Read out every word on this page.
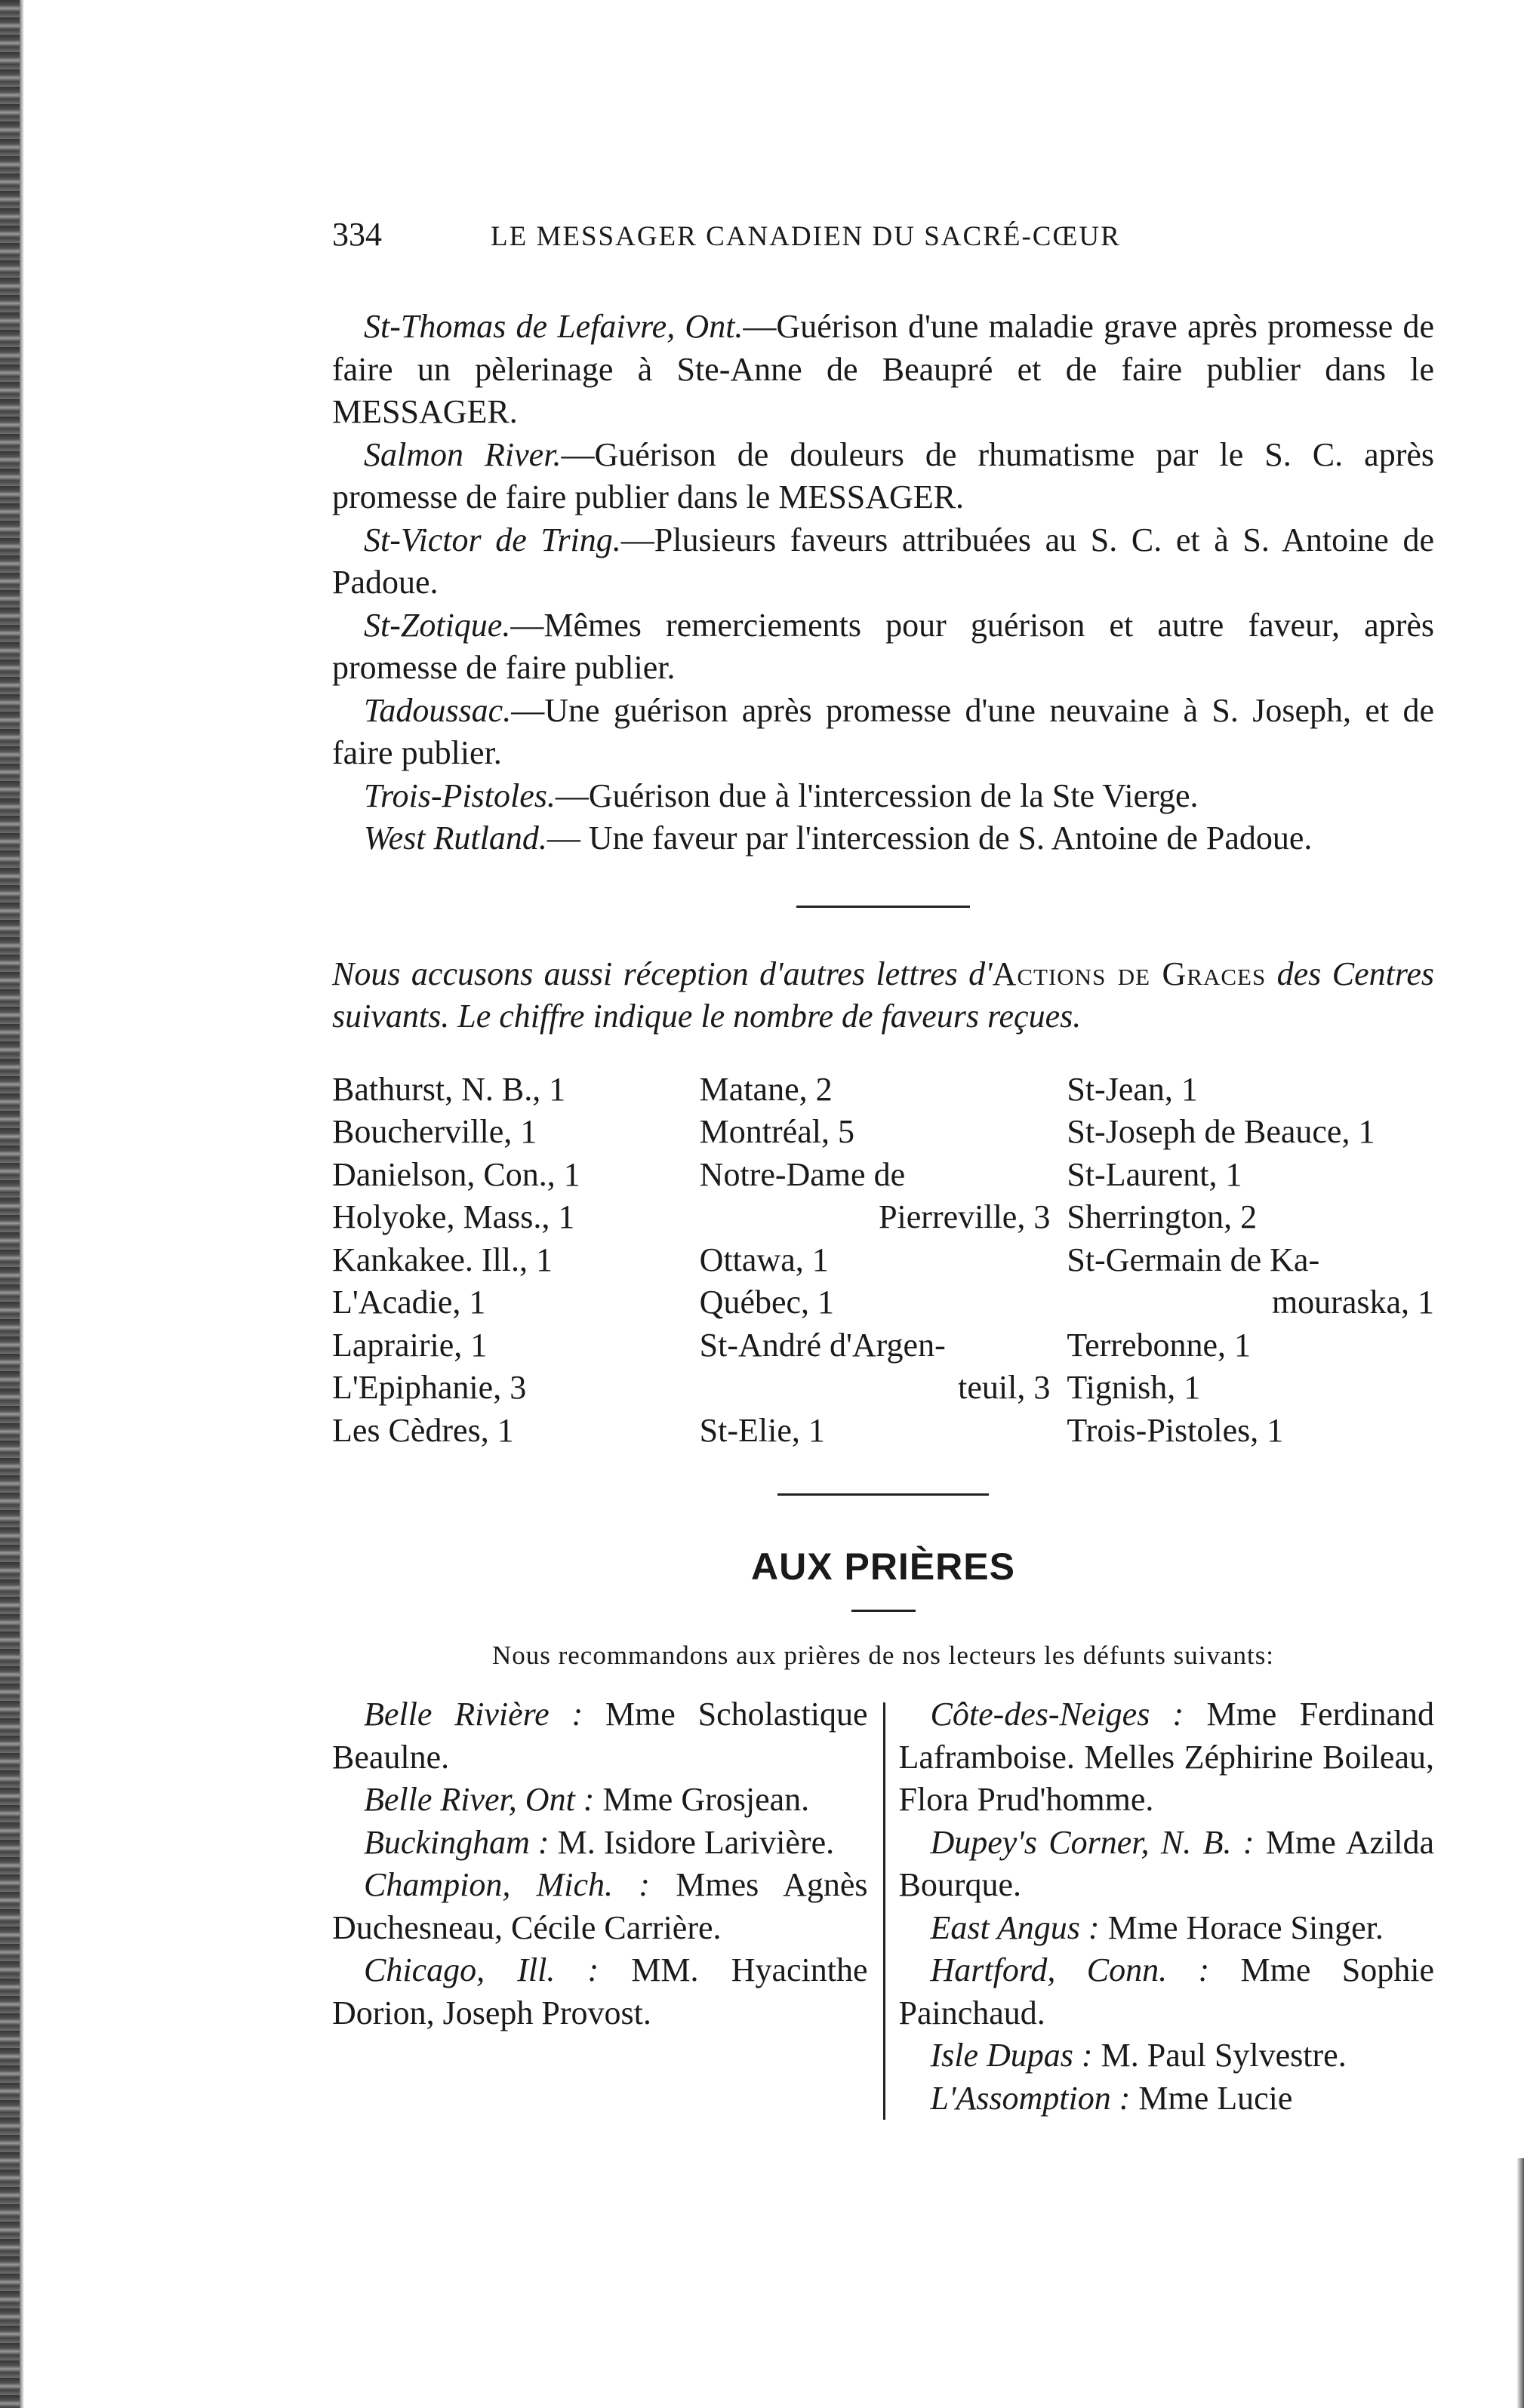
334	LE MESSAGER CANADIEN DU SACRÉ-CŒUR

St-Thomas de Lefaivre, Ont.—Guérison d'une maladie grave après promesse de faire un pèlerinage à Ste-Anne de Beaupré et de faire publier dans le MESSAGER.

Salmon River.—Guérison de douleurs de rhumatisme par le S. C. après promesse de faire publier dans le MESSAGER.

St-Victor de Tring.—Plusieurs faveurs attribuées au S. C. et à S. Antoine de Padoue.

St-Zotique.—Mêmes remerciements pour guérison et autre faveur, après promesse de faire publier.

Tadoussac.—Une guérison après promesse d'une neuvaine à S. Joseph, et de faire publier.

Trois-Pistoles.—Guérison due à l'intercession de la Ste Vierge.

West Rutland.— Une faveur par l'intercession de S. Antoine de Padoue.

Nous accusons aussi réception d'autres lettres d'Actions de Graces des Centres suivants. Le chiffre indique le nombre de faveurs reçues.

Bathurst, N. B., 1
Boucherville, 1
Danielson, Con., 1
Holyoke, Mass., 1
Kankakee. Ill., 1
L'Acadie, 1
Laprairie, 1
L'Epiphanie, 3
Les Cèdres, 1
Matane, 2
Montréal, 5
Notre-Dame de
Pierreville, 3
Ottawa, 1
Québec, 1
St-André d'Argen-
teuil, 3
St-Elie, 1
St-Jean, 1
St-Joseph de Beauce, 1
St-Laurent, 1
Sherrington, 2
St-Germain de Ka-
mouraska, 1
Terrebonne, 1
Tignish, 1
Trois-Pistoles, 1
AUX PRIÈRES
Nous recommandons aux prières de nos lecteurs les défunts suivants:

Belle Rivière : Mme Scholastique Beaulne.

Belle River, Ont : Mme Grosjean.

Buckingham : M. Isidore Larivière.

Champion, Mich. : Mmes Agnès Duchesneau, Cécile Carrière.

Chicago, Ill. : MM. Hyacinthe Dorion, Joseph Provost.

Côte-des-Neiges : Mme Ferdinand Laframboise. Melles Zéphirine Boileau, Flora Prud'homme.

Dupey's Corner, N. B. : Mme Azilda Bourque.

East Angus : Mme Horace Singer.

Hartford, Conn. : Mme Sophie Painchaud.

Isle Dupas : M. Paul Sylvestre.

L'Assomption : Mme Lucie
